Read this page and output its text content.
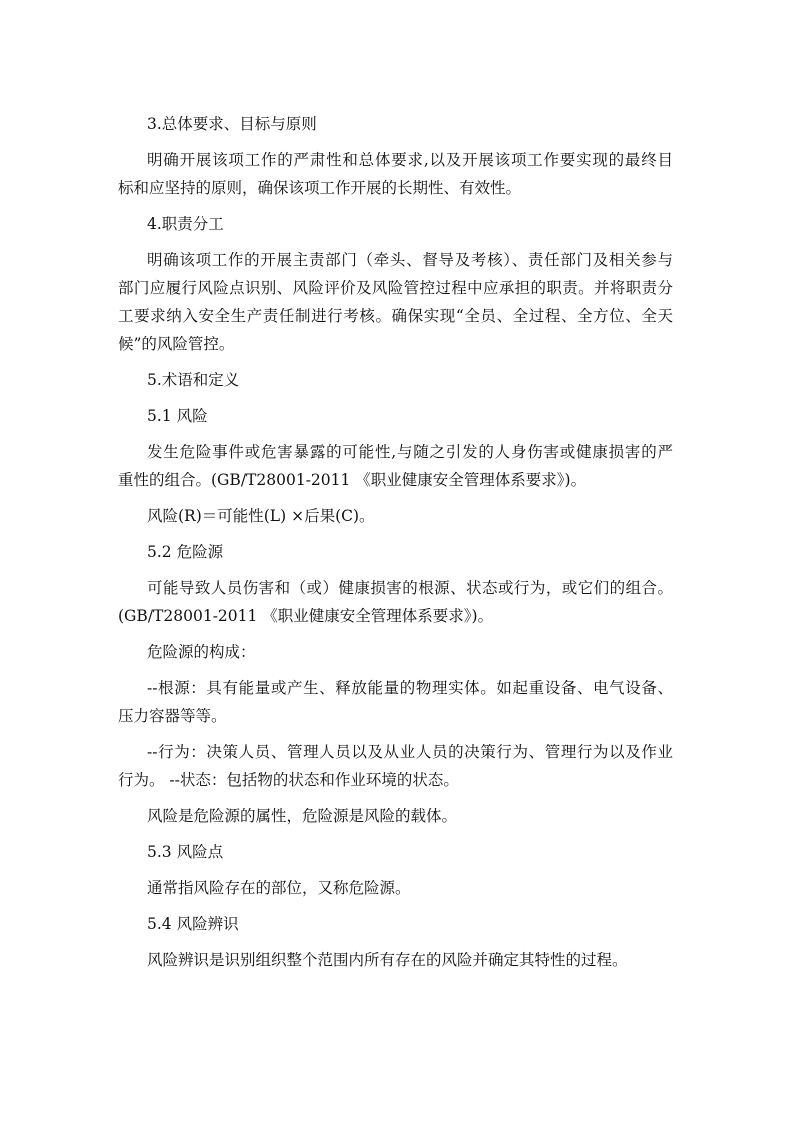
3.总体要求、目标与原则
明确开展该项工作的严肃性和总体要求,以及开展该项工作要实现的最终目
标和应坚持的原则，确保该项工作开展的长期性、有效性。
4.职责分工
明确该项工作的开展主责部门（牵头、督导及考核）、责任部门及相关参与
部门应履行风险点识别、风险评价及风险管控过程中应承担的职责。并将职责分
工要求纳入安全生产责任制进行考核。确保实现“全员、全过程、全方位、全天
候”的风险管控。
5.术语和定义
5.1 风险
发生危险事件或危害暴露的可能性,与随之引发的人身伤害或健康损害的严
重性的组合。(GB/T28001-2011 《职业健康安全管理体系要求》)。
风险(R)＝可能性(L) ×后果(C)。
5.2 危险源
可能导致人员伤害和（或）健康损害的根源、状态或行为，或它们的组合。
(GB/T28001-2011 《职业健康安全管理体系要求》)。
危险源的构成：
--根源：具有能量或产生、释放能量的物理实体。如起重设备、电气设备、
压力容器等等。
--行为：决策人员、管理人员以及从业人员的决策行为、管理行为以及作业
行为。 --状态：包括物的状态和作业环境的状态。
风险是危险源的属性，危险源是风险的载体。
5.3 风险点
通常指风险存在的部位，又称危险源。
5.4 风险辨识
风险辨识是识别组织整个范围内所有存在的风险并确定其特性的过程。
